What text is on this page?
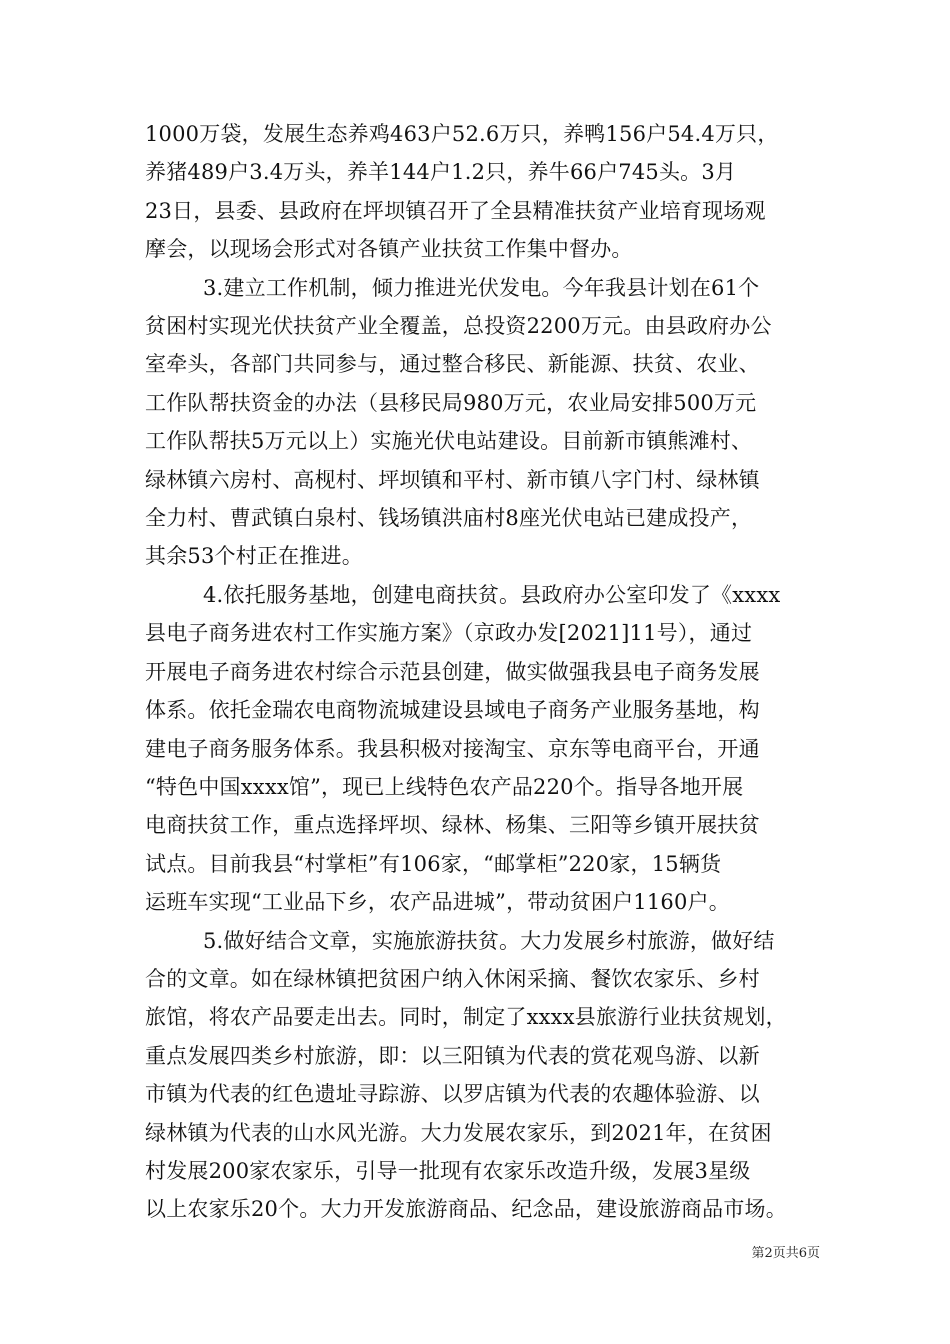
1000万袋，发展生态养鸡463户52.6万只，养鸭156户54.4万只，
养猪489户3.4万头，养羊144户1.2只，养牛66户745头。3月
23日，县委、县政府在坪坝镇召开了全县精准扶贫产业培育现场观
摩会，以现场会形式对各镇产业扶贫工作集中督办。

3.建立工作机制，倾力推进光伏发电。今年我县计划在61个
贫困村实现光伏扶贫产业全覆盖，总投资2200万元。由县政府办公
室牵头，各部门共同参与，通过整合移民、新能源、扶贫、农业、
工作队帮扶资金的办法（县移民局980万元，农业局安排500万元
工作队帮扶5万元以上）实施光伏电站建设。目前新市镇熊滩村、
绿林镇六房村、高枧村、坪坝镇和平村、新市镇八字门村、绿林镇
全力村、曹武镇白泉村、钱场镇洪庙村8座光伏电站已建成投产，
其余53个村正在推进。

4.依托服务基地，创建电商扶贫。县政府办公室印发了《xxxx
县电子商务进农村工作实施方案》（京政办发[2021]11号），通过
开展电子商务进农村综合示范县创建，做实做强我县电子商务发展
体系。依托金瑞农电商物流城建设县域电子商务产业服务基地，构
建电子商务服务体系。我县积极对接淘宝、京东等电商平台，开通
“特色中国xxxx馆”，现已上线特色农产品220个。指导各地开展
电商扶贫工作，重点选择坪坝、绿林、杨集、三阳等乡镇开展扶贫
试点。目前我县“村掌柜”有106家，“邮掌柜”220家，15辆货
运班车实现“工业品下乡，农产品进城”，带动贫困户1160户。

5.做好结合文章，实施旅游扶贫。大力发展乡村旅游，做好结
合的文章。如在绿林镇把贫困户纳入休闲采摘、餐饮农家乐、乡村
旅馆，将农产品要走出去。同时，制定了xxxx县旅游行业扶贫规划，
重点发展四类乡村旅游，即：以三阳镇为代表的赏花观鸟游、以新
市镇为代表的红色遗址寻踪游、以罗店镇为代表的农趣体验游、以
绿林镇为代表的山水风光游。大力发展农家乐，到2021年，在贫困
村发展200家农家乐，引导一批现有农家乐改造升级，发展3星级
以上农家乐20个。大力开发旅游商品、纪念品，建设旅游商品市场。

第2页共6页
